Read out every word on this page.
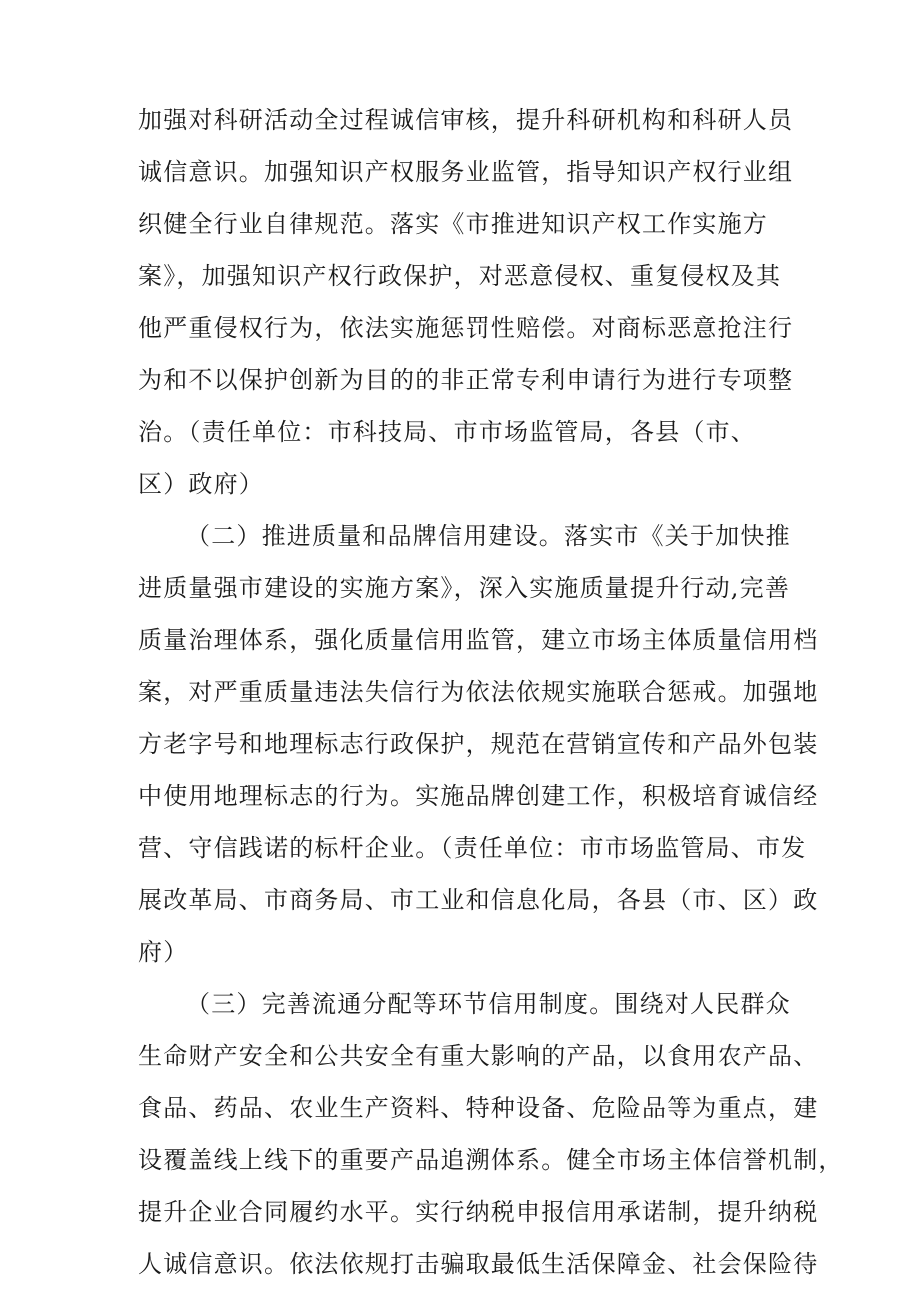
加强对科研活动全过程诚信审核，提升科研机构和科研人员
诚信意识。加强知识产权服务业监管，指导知识产权行业组
织健全行业自律规范。落实《市推进知识产权工作实施方
案》，加强知识产权行政保护，对恶意侵权、重复侵权及其
他严重侵权行为，依法实施惩罚性赔偿。对商标恶意抢注行
为和不以保护创新为目的的非正常专利申请行为进行专项整
治。（责任单位：市科技局、市市场监管局，各县（市、
区）政府）
（二）推进质量和品牌信用建设。落实市《关于加快推
进质量强市建设的实施方案》，深入实施质量提升行动,完善
质量治理体系，强化质量信用监管，建立市场主体质量信用档
案，对严重质量违法失信行为依法依规实施联合惩戒。加强地
方老字号和地理标志行政保护，规范在营销宣传和产品外包装
中使用地理标志的行为。实施品牌创建工作，积极培育诚信经
营、守信践诺的标杆企业。（责任单位：市市场监管局、市发
展改革局、市商务局、市工业和信息化局，各县（市、区）政
府）
（三）完善流通分配等环节信用制度。围绕对人民群众
生命财产安全和公共安全有重大影响的产品，以食用农产品、
食品、药品、农业生产资料、特种设备、危险品等为重点，建
设覆盖线上线下的重要产品追溯体系。健全市场主体信誉机制，
提升企业合同履约水平。实行纳税申报信用承诺制，提升纳税
人诚信意识。依法依规打击骗取最低生活保障金、社会保险待
